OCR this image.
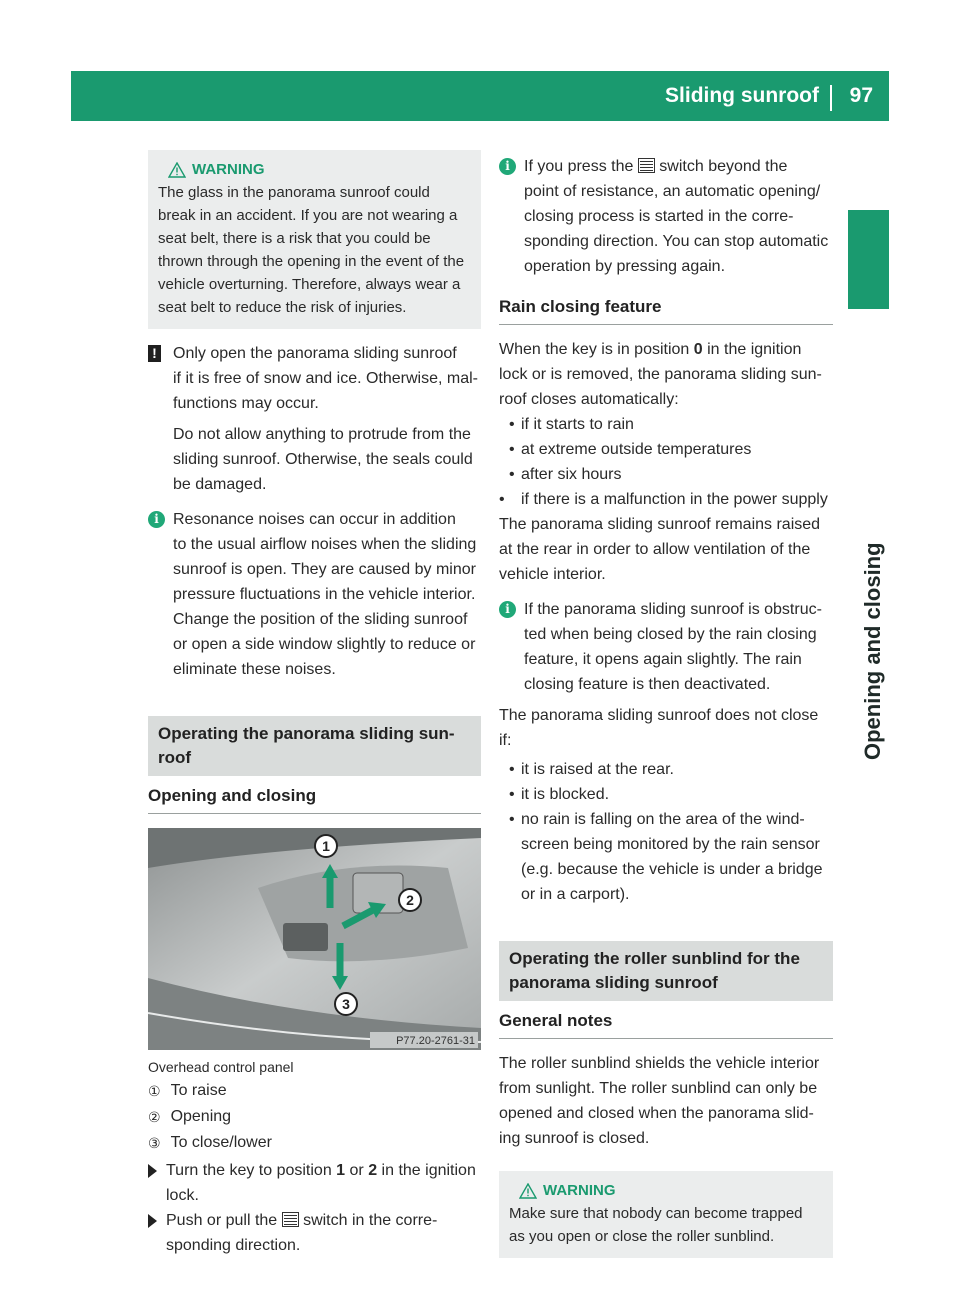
Sliding sunroof 97
Opening and closing
WARNING

The glass in the panorama sunroof could

break in an accident. If you are not wearing a

seat belt, there is a risk that you could be

thrown through the opening in the event of the

vehicle overturning. Therefore, always wear a

seat belt to reduce the risk of injuries.

! Only open the panorama sliding sunroof

if it is free of snow and ice. Otherwise, mal-

functions may occur.

Do not allow anything to protrude from the

sliding sunroof. Otherwise, the seals could

be damaged.

i Resonance noises can occur in addition

to the usual airflow noises when the sliding

sunroof is open. They are caused by minor

pressure fluctuations in the vehicle interior.

Change the position of the sliding sunroof

or open a side window slightly to reduce or

eliminate these noises.

Operating the panorama sliding sun-
roof
Opening and closing
1
2
3
P77.20-2761-31
Overhead control panel
① To raise
② Opening
③ To close/lower

Turn the key to position 1 or 2 in the ignition

lock.

Push or pull the  switch in the corre-

sponding direction.

i If you press the  switch beyond the

point of resistance, an automatic opening/

closing process is started in the corre-

sponding direction. You can stop automatic

operation by pressing again.

Rain closing feature

When the key is in position 0 in the ignition

lock or is removed, the panorama sliding sun-

roof closes automatically:

• if it starts to rain
• at extreme outside temperatures
• after six hours
• if there is a malfunction in the power supply

The panorama sliding sunroof remains raised

at the rear in order to allow ventilation of the

vehicle interior.

i If the panorama sliding sunroof is obstruc-

ted when being closed by the rain closing

feature, it opens again slightly. The rain

closing feature is then deactivated.

The panorama sliding sunroof does not close

if:

• it is raised at the rear.
• it is blocked.
• no rain is falling on the area of the wind-
screen being monitored by the rain sensor
(e.g. because the vehicle is under a bridge
or in a carport).
Operating the roller sunblind for the
panorama sliding sunroof
General notes

The roller sunblind shields the vehicle interior

from sunlight. The roller sunblind can only be

opened and closed when the panorama slid-

ing sunroof is closed.

WARNING

Make sure that nobody can become trapped

as you open or close the roller sunblind.
